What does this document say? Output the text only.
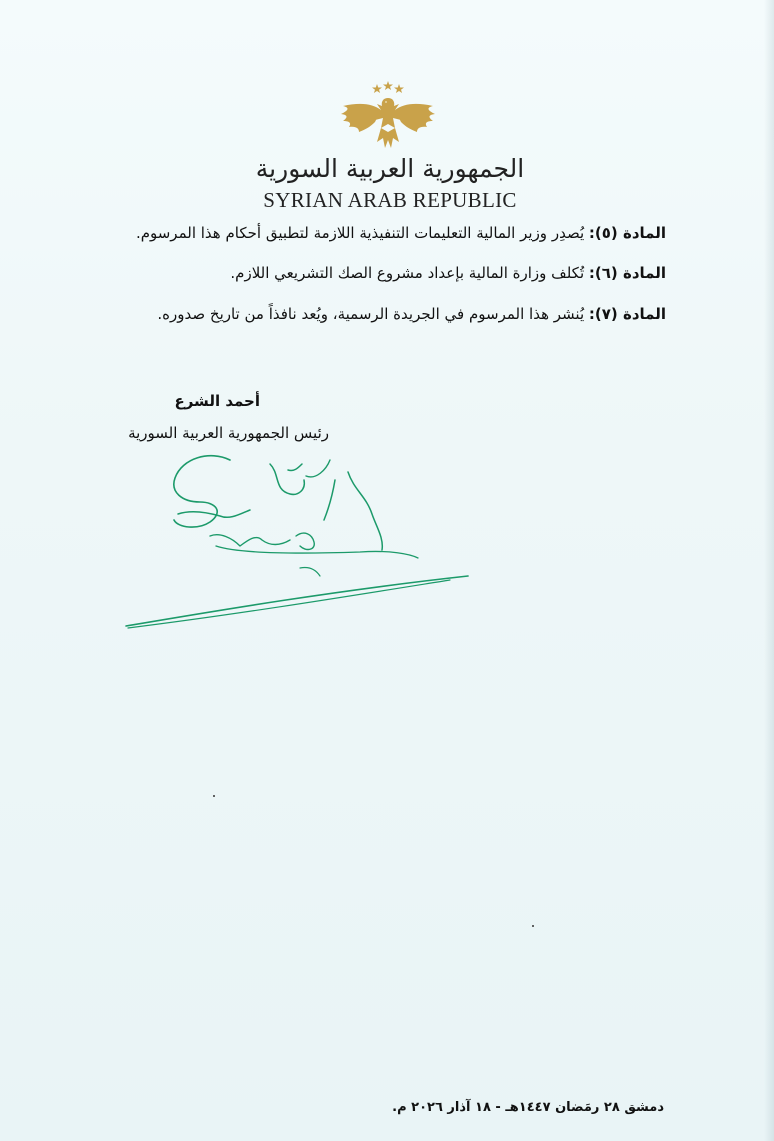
الجمهورية العربية السورية
SYRIAN ARAB REPUBLIC
المادة (٥): يُصدِر وزير المالية التعليمات التنفيذية اللازمة لتطبيق أحكام هذا المرسوم.
المادة (٦): تُكلف وزارة المالية بإعداد مشروع الصك التشريعي اللازم.
المادة (٧): يُنشر هذا المرسوم في الجريدة الرسمية، ويُعد نافذاً من تاريخ صدوره.
أحمد الشرع
رئيس الجمهورية العربية السورية
دمشق ٢٨ رمَضان ١٤٤٧هـ - ١٨ آذار ٢٠٢٦ م.
